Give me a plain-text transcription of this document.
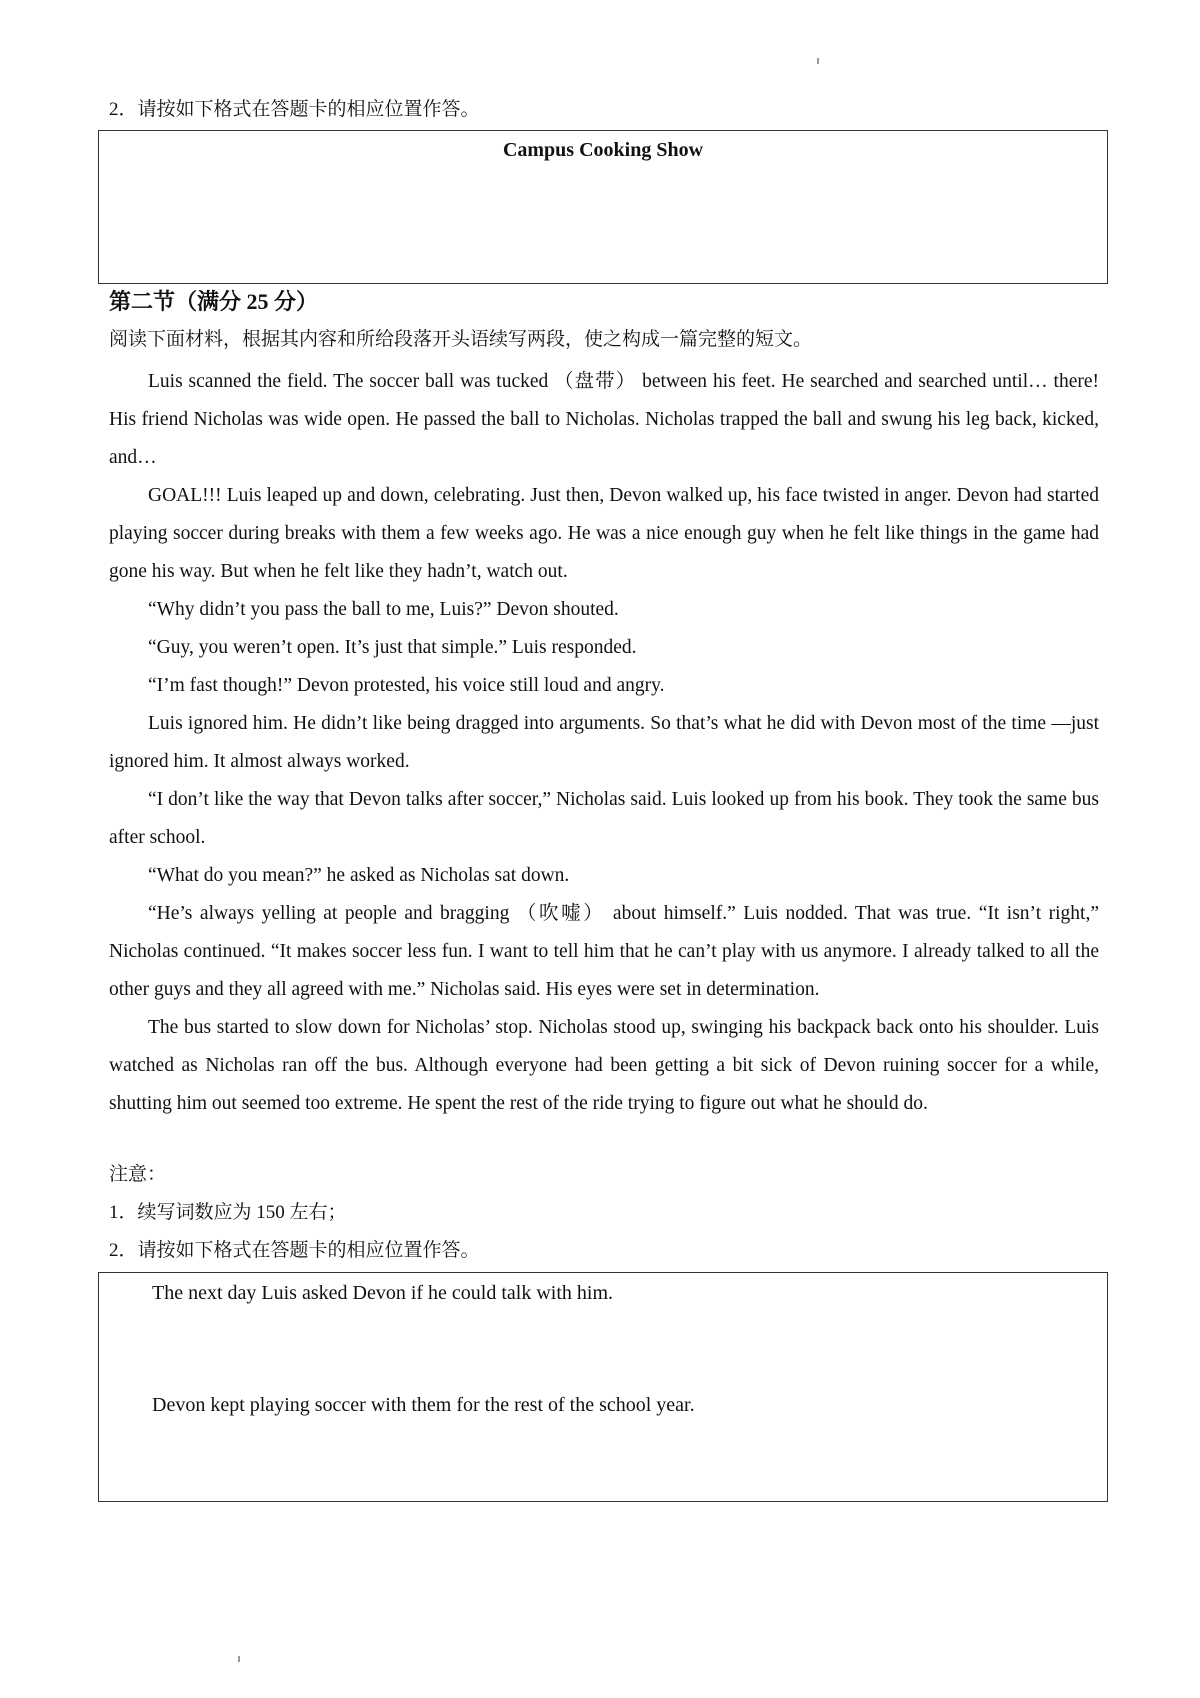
2．请按如下格式在答题卡的相应位置作答。
Campus Cooking Show
第二节（满分 25 分）
阅读下面材料，根据其内容和所给段落开头语续写两段，使之构成一篇完整的短文。

Luis scanned the field. The soccer ball was tucked （盘带） between his feet. He searched and searched until… there! His friend Nicholas was wide open. He passed the ball to Nicholas. Nicholas trapped the ball and swung his leg back, kicked, and…

GOAL!!! Luis leaped up and down, celebrating. Just then, Devon walked up, his face twisted in anger. Devon had started playing soccer during breaks with them a few weeks ago. He was a nice enough guy when he felt like things in the game had gone his way. But when he felt like they hadn’t, watch out.

“Why didn’t you pass the ball to me, Luis?” Devon shouted.

“Guy, you weren’t open. It’s just that simple.” Luis responded.

“I’m fast though!” Devon protested, his voice still loud and angry.

Luis ignored him. He didn’t like being dragged into arguments. So that’s what he did with Devon most of the time —just ignored him. It almost always worked.

“I don’t like the way that Devon talks after soccer,” Nicholas said. Luis looked up from his book. They took the same bus after school.

“What do you mean?” he asked as Nicholas sat down.

“He’s always yelling at people and bragging （吹嘘） about himself.” Luis nodded. That was true. “It isn’t right,” Nicholas continued. “It makes soccer less fun. I want to tell him that he can’t play with us anymore. I already talked to all the other guys and they all agreed with me.” Nicholas said. His eyes were set in determination.

The bus started to slow down for Nicholas’ stop. Nicholas stood up, swinging his backpack back onto his shoulder. Luis watched as Nicholas ran off the bus. Although everyone had been getting a bit sick of Devon ruining soccer for a while, shutting him out seemed too extreme. He spent the rest of the ride trying to figure out what he should do.

注意：
1．续写词数应为 150 左右；
2．请按如下格式在答题卡的相应位置作答。
The next day Luis asked Devon if he could talk with him.
Devon kept playing soccer with them for the rest of the school year.
